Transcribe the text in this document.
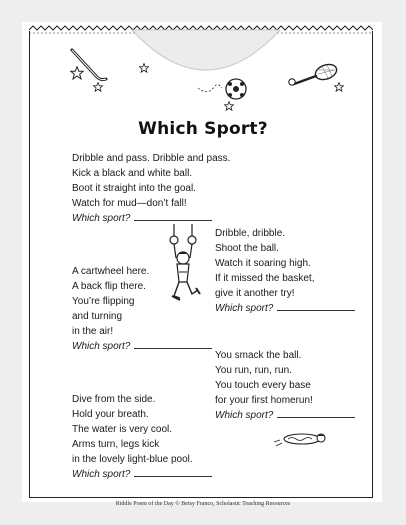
Which Sport?
Dribble and pass. Dribble and pass.
Kick a black and white ball.
Boot it straight into the goal.
Watch for mud—don’t fall!
Which sport?
Dribble, dribble.
Shoot the ball.
Watch it soaring high.
If it missed the basket,
give it another try!
Which sport?
A cartwheel here.
A back flip there.
You’re flipping
and turning
in the air!
Which sport?
You smack the ball.
You run, run, run.
You touch every base
for your first homerun!
Which sport?
Dive from the side.
Hold your breath.
The water is very cool.
Arms turn, legs kick
in the lovely light-blue pool.
Which sport?
Riddle Poem of the Day © Betsy Franco, Scholastic Teaching Resources
